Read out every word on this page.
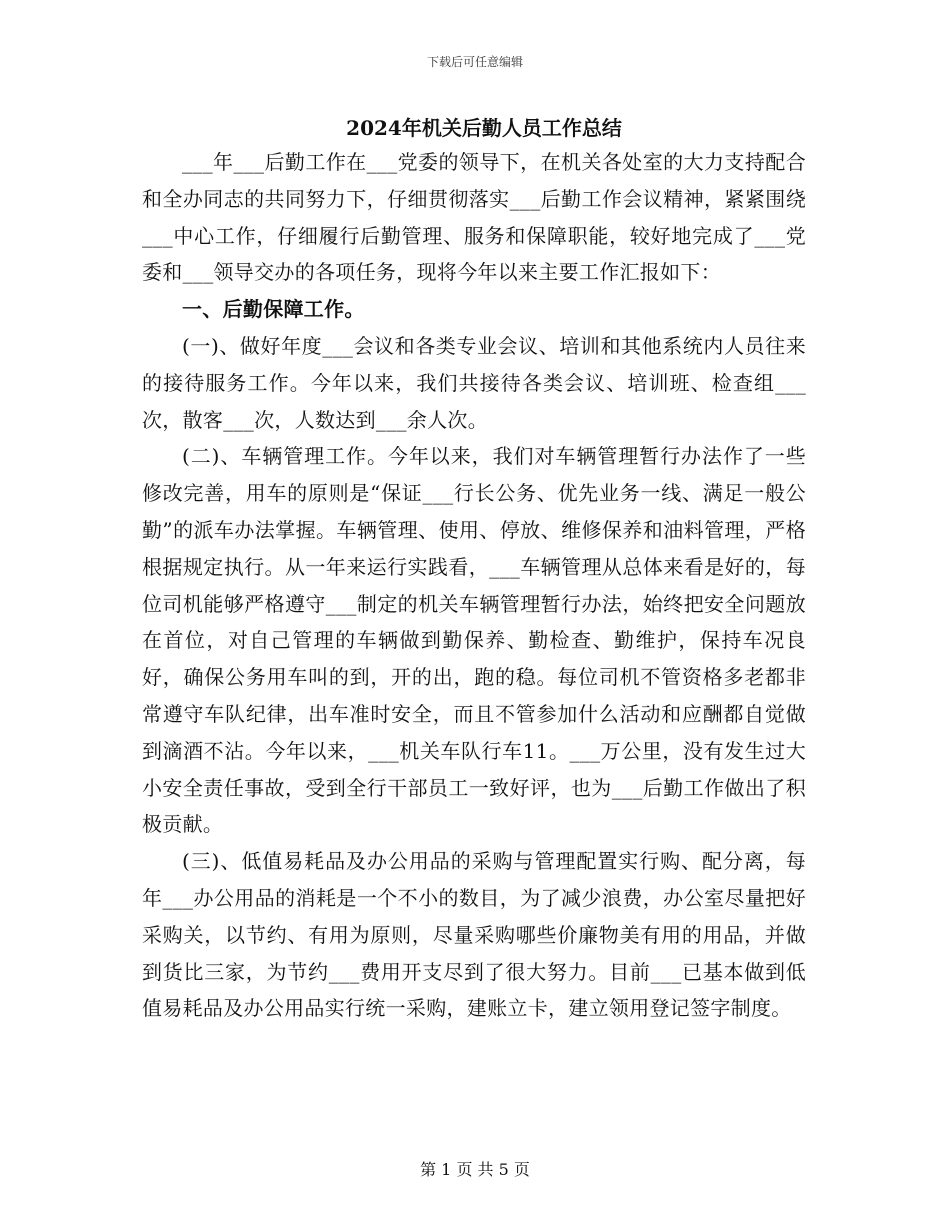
下载后可任意编辑
2024年机关后勤人员工作总结

___年___后勤工作在___党委的领导下，在机关各处室的大力支持配合和全办同志的共同努力下，仔细贯彻落实___后勤工作会议精神，紧紧围绕___中心工作，仔细履行后勤管理、服务和保障职能，较好地完成了___党委和___领导交办的各项任务，现将今年以来主要工作汇报如下：

一、后勤保障工作。

(一)、做好年度___会议和各类专业会议、培训和其他系统内人员往来的接待服务工作。今年以来，我们共接待各类会议、培训班、检查组___次，散客___次，人数达到___余人次。

(二)、车辆管理工作。今年以来，我们对车辆管理暂行办法作了一些修改完善，用车的原则是“保证___行长公务、优先业务一线、满足一般公勤”的派车办法掌握。车辆管理、使用、停放、维修保养和油料管理，严格根据规定执行。从一年来运行实践看，___车辆管理从总体来看是好的，每位司机能够严格遵守___制定的机关车辆管理暂行办法，始终把安全问题放在首位，对自己管理的车辆做到勤保养、勤检查、勤维护，保持车况良好，确保公务用车叫的到，开的出，跑的稳。每位司机不管资格多老都非常遵守车队纪律，出车准时安全，而且不管参加什么活动和应酬都自觉做到滴酒不沾。今年以来，___机关车队行车11。___万公里，没有发生过大小安全责任事故，受到全行干部员工一致好评，也为___后勤工作做出了积极贡献。

(三)、低值易耗品及办公用品的采购与管理配置实行购、配分离，每年___办公用品的消耗是一个不小的数目，为了减少浪费，办公室尽量把好采购关，以节约、有用为原则，尽量采购哪些价廉物美有用的用品，并做到货比三家，为节约___费用开支尽到了很大努力。目前___已基本做到低值易耗品及办公用品实行统一采购，建账立卡，建立领用登记签字制度。

第 1 页 共 5 页
